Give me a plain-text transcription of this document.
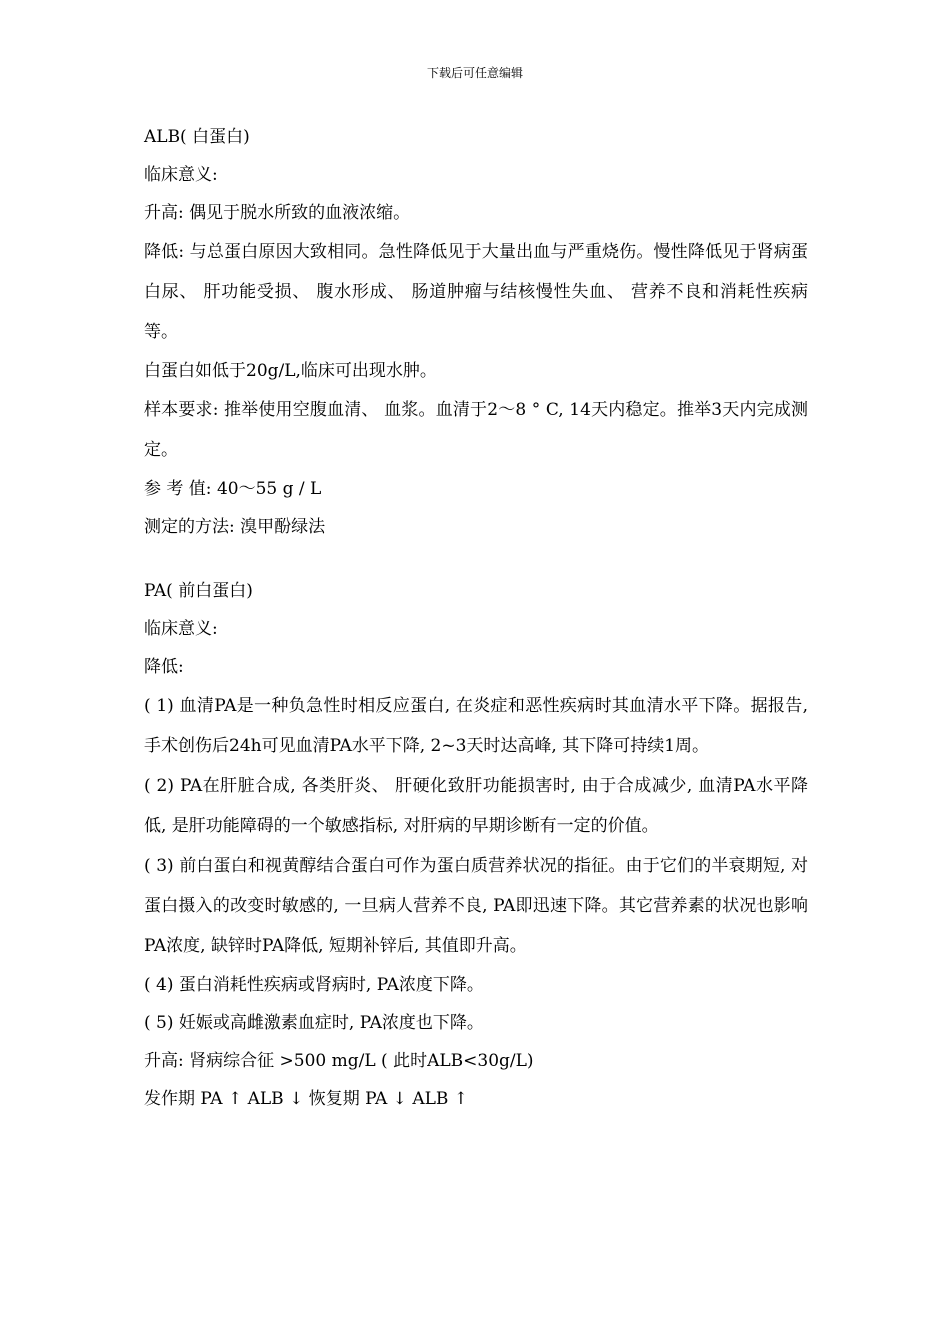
下载后可任意编辑

ALB( 白蛋白)

临床意义:

升高: 偶见于脱水所致的血液浓缩。

降低: 与总蛋白原因大致相同。急性降低见于大量出血与严重烧伤。慢性降低见于肾病蛋白尿、 肝功能受损、 腹水形成、 肠道肿瘤与结核慢性失血、 营养不良和消耗性疾病等。

白蛋白如低于20g/L,临床可出现水肿。

样本要求: 推举使用空腹血清、 血浆。血清于2～8 ° C, 14天内稳定。推举3天内完成测定。

参 考 值: 40～55 g / L

测定的方法: 溴甲酚绿法

PA( 前白蛋白)

临床意义:

降低:

( 1) 血清PA是一种负急性时相反应蛋白, 在炎症和恶性疾病时其血清水平下降。据报告, 手术创伤后24h可见血清PA水平下降, 2~3天时达高峰, 其下降可持续1周。

( 2) PA在肝脏合成, 各类肝炎、 肝硬化致肝功能损害时, 由于合成减少, 血清PA水平降低, 是肝功能障碍的一个敏感指标, 对肝病的早期诊断有一定的价值。

( 3) 前白蛋白和视黄醇结合蛋白可作为蛋白质营养状况的指征。由于它们的半衰期短, 对蛋白摄入的改变时敏感的, 一旦病人营养不良, PA即迅速下降。其它营养素的状况也影响PA浓度, 缺锌时PA降低, 短期补锌后, 其值即升高。

( 4) 蛋白消耗性疾病或肾病时, PA浓度下降。

( 5) 妊娠或高雌激素血症时, PA浓度也下降。

升高: 肾病综合征 >500 mg/L ( 此时ALB<30g/L)

发作期 PA ↑ ALB ↓ 恢复期 PA ↓ ALB ↑
